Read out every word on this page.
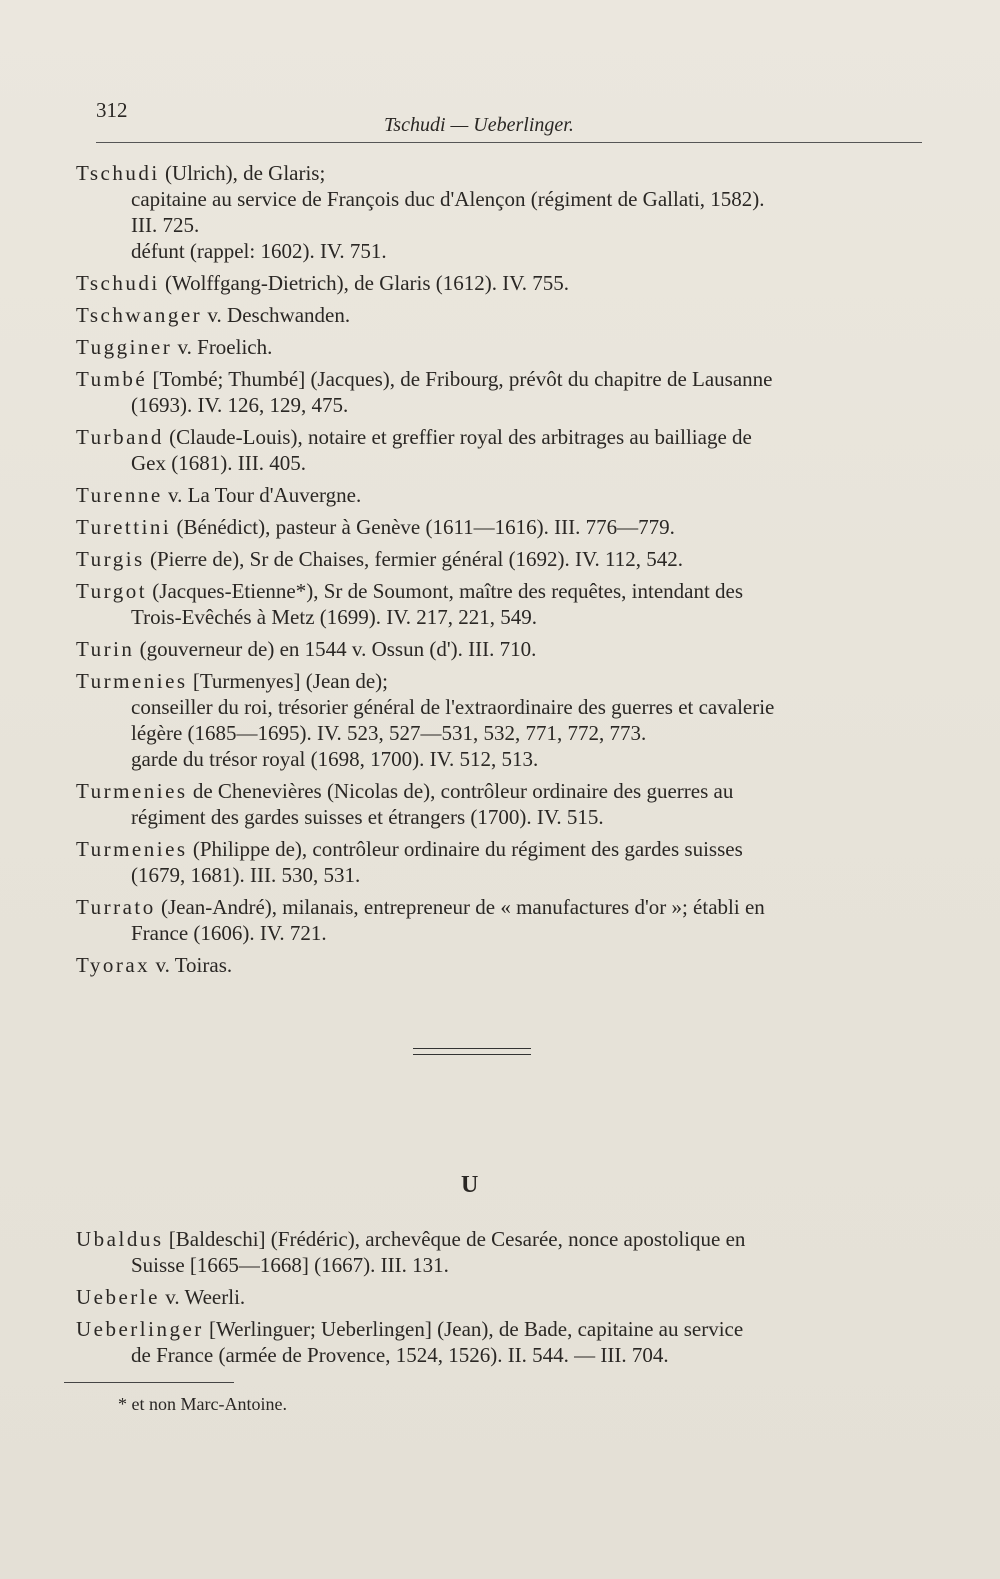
312
Tschudi — Ueberlinger.

Tschudi (Ulrich), de Glaris;

capitaine au service de François duc d'Alençon (régiment de Gallati, 1582).

III. 725.

défunt (rappel: 1602). IV. 751.

Tschudi (Wolffgang-Dietrich), de Glaris (1612). IV. 755.

Tschwanger v. Deschwanden.

Tugginer v. Froelich.

Tumbé [Tombé; Thumbé] (Jacques), de Fribourg, prévôt du chapitre de Lausanne

(1693). IV. 126, 129, 475.

Turband (Claude-Louis), notaire et greffier royal des arbitrages au bailliage de

Gex (1681). III. 405.

Turenne v. La Tour d'Auvergne.

Turettini (Bénédict), pasteur à Genève (1611—1616). III. 776—779.

Turgis (Pierre de), Sr de Chaises, fermier général (1692). IV. 112, 542.

Turgot (Jacques-Etienne*), Sr de Soumont, maître des requêtes, intendant des

Trois-Evêchés à Metz (1699). IV. 217, 221, 549.

Turin (gouverneur de) en 1544 v. Ossun (d'). III. 710.

Turmenies [Turmenyes] (Jean de);

conseiller du roi, trésorier général de l'extraordinaire des guerres et cavalerie

légère (1685—1695). IV. 523, 527—531, 532, 771, 772, 773.

garde du trésor royal (1698, 1700). IV. 512, 513.

Turmenies de Chenevières (Nicolas de), contrôleur ordinaire des guerres au

régiment des gardes suisses et étrangers (1700). IV. 515.

Turmenies (Philippe de), contrôleur ordinaire du régiment des gardes suisses

(1679, 1681). III. 530, 531.

Turrato (Jean-André), milanais, entrepreneur de « manufactures d'or »; établi en

France (1606). IV. 721.

Tyorax v. Toiras.

U

Ubaldus [Baldeschi] (Frédéric), archevêque de Cesarée, nonce apostolique en

Suisse [1665—1668] (1667). III. 131.

Ueberle v. Weerli.

Ueberlinger [Werlinguer; Ueberlingen] (Jean), de Bade, capitaine au service

de France (armée de Provence, 1524, 1526). II. 544. — III. 704.

* et non Marc-Antoine.
